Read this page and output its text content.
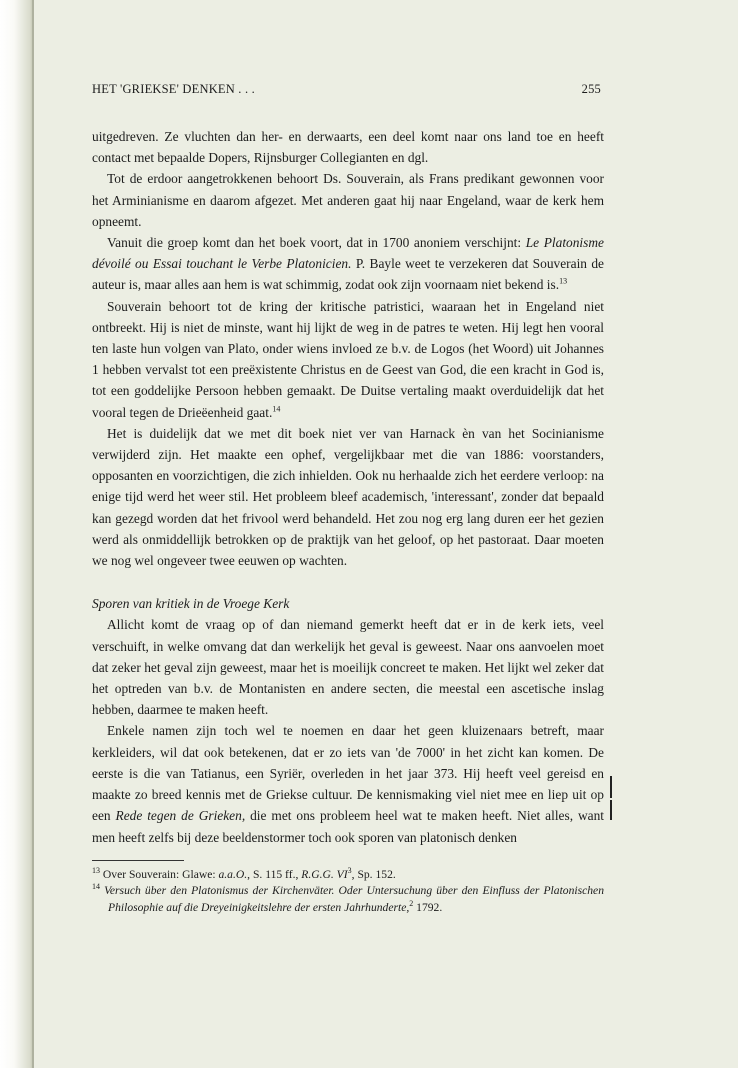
HET 'GRIEKSE' DENKEN . . .	255

uitgedreven. Ze vluchten dan her- en derwaarts, een deel komt naar ons land toe en heeft contact met bepaalde Dopers, Rijnsburger Collegianten en dgl.

Tot de erdoor aangetrokkenen behoort Ds. Souverain, als Frans predikant gewonnen voor het Arminianisme en daarom afgezet. Met anderen gaat hij naar Engeland, waar de kerk hem opneemt.

Vanuit die groep komt dan het boek voort, dat in 1700 anoniem verschijnt: Le Platonisme dévoilé ou Essai touchant le Verbe Platonicien. P. Bayle weet te verzekeren dat Souverain de auteur is, maar alles aan hem is wat schimmig, zodat ook zijn voornaam niet bekend is.$^{13}$

Souverain behoort tot de kring der kritische patristici, waaraan het in Engeland niet ontbreekt. Hij is niet de minste, want hij lijkt de weg in de patres te weten. Hij legt hen vooral ten laste hun volgen van Plato, onder wiens invloed ze b.v. de Logos (het Woord) uit Johannes 1 hebben vervalst tot een preëxistente Christus en de Geest van God, die een kracht in God is, tot een goddelijke Persoon hebben gemaakt. De Duitse vertaling maakt overduidelijk dat het vooral tegen de Drieëenheid gaat.$^{14}$

Het is duidelijk dat we met dit boek niet ver van Harnack èn van het Socinianisme verwijderd zijn. Het maakte een ophef, vergelijkbaar met die van 1886: voorstanders, opposanten en voorzichtigen, die zich inhielden. Ook nu herhaalde zich het eerdere verloop: na enige tijd werd het weer stil. Het probleem bleef academisch, 'interessant', zonder dat bepaald kan gezegd worden dat het frivool werd behandeld. Het zou nog erg lang duren eer het gezien werd als onmiddellijk betrokken op de praktijk van het geloof, op het pastoraat. Daar moeten we nog wel ongeveer twee eeuwen op wachten.

Sporen van kritiek in de Vroege Kerk

Allicht komt de vraag op of dan niemand gemerkt heeft dat er in de kerk iets, veel verschuift, in welke omvang dat dan werkelijk het geval is geweest. Naar ons aanvoelen moet dat zeker het geval zijn geweest, maar het is moeilijk concreet te maken. Het lijkt wel zeker dat het optreden van b.v. de Montanisten en andere secten, die meestal een ascetische inslag hebben, daarmee te maken heeft.

Enkele namen zijn toch wel te noemen en daar het geen kluizenaars betreft, maar kerkleiders, wil dat ook betekenen, dat er zo iets van 'de 7000' in het zicht kan komen. De eerste is die van Tatianus, een Syriër, overleden in het jaar 373. Hij heeft veel gereisd en maakte zo breed kennis met de Griekse cultuur. De kennismaking viel niet mee en liep uit op een Rede tegen de Grieken, die met ons probleem heel wat te maken heeft. Niet alles, want men heeft zelfs bij deze beeldenstormer toch ook sporen van platonisch denken

$^{13}$ Over Souverain: Glawe: a.a.O., S. 115 ff., R.G.G. $VI^3$, Sp. 152.

$^{14}$ Versuch über den Platonismus der Kirchenväter. Oder Untersuchung über den Einfluss der Platonischen Philosophie auf die Dreyeinigkeitslehre der ersten Jahrhunderte,$^2$ 1792.
